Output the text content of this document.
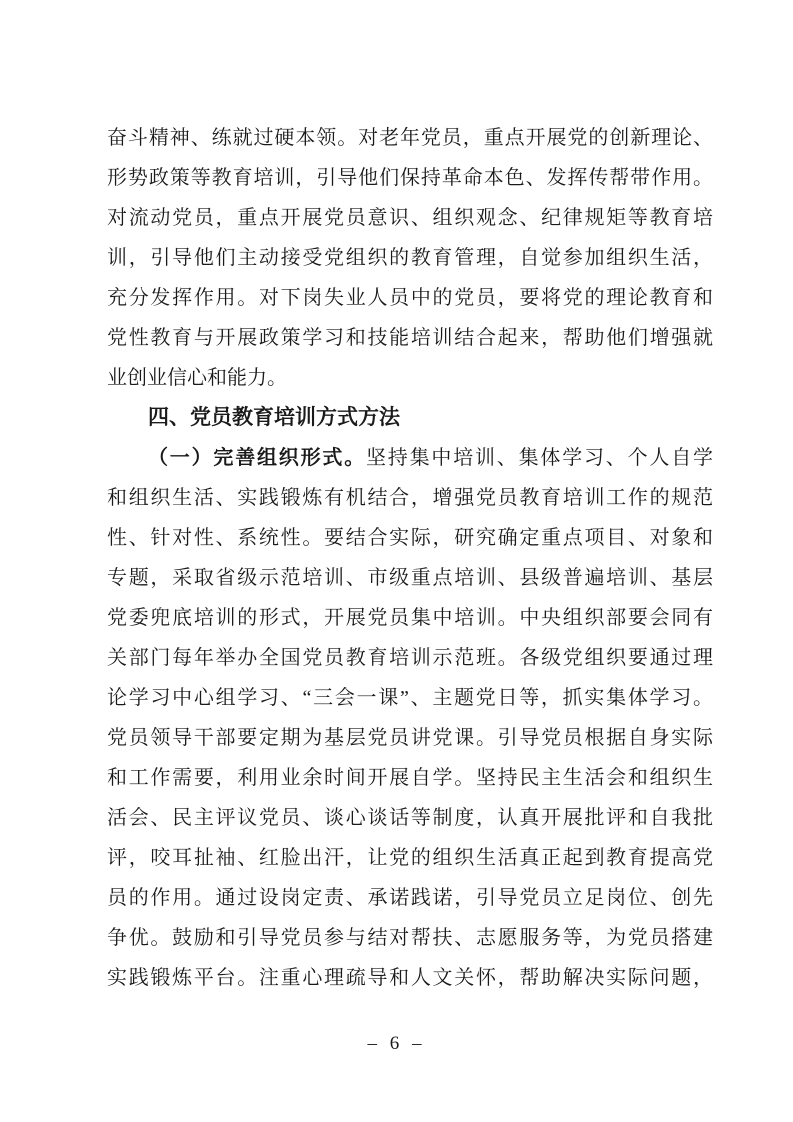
奋斗精神、练就过硬本领。对老年党员，重点开展党的创新理论、
形势政策等教育培训，引导他们保持革命本色、发挥传帮带作用。
对流动党员，重点开展党员意识、组织观念、纪律规矩等教育培
训，引导他们主动接受党组织的教育管理，自觉参加组织生活，
充分发挥作用。对下岗失业人员中的党员，要将党的理论教育和
党性教育与开展政策学习和技能培训结合起来，帮助他们增强就
业创业信心和能力。
四、党员教育培训方式方法
（一）完善组织形式。坚持集中培训、集体学习、个人自学
和组织生活、实践锻炼有机结合，增强党员教育培训工作的规范
性、针对性、系统性。要结合实际，研究确定重点项目、对象和
专题，采取省级示范培训、市级重点培训、县级普遍培训、基层
党委兜底培训的形式，开展党员集中培训。中央组织部要会同有
关部门每年举办全国党员教育培训示范班。各级党组织要通过理
论学习中心组学习、“三会一课”、主题党日等，抓实集体学习。
党员领导干部要定期为基层党员讲党课。引导党员根据自身实际
和工作需要，利用业余时间开展自学。坚持民主生活会和组织生
活会、民主评议党员、谈心谈话等制度，认真开展批评和自我批
评，咬耳扯袖、红脸出汗，让党的组织生活真正起到教育提高党
员的作用。通过设岗定责、承诺践诺，引导党员立足岗位、创先
争优。鼓励和引导党员参与结对帮扶、志愿服务等，为党员搭建
实践锻炼平台。注重心理疏导和人文关怀，帮助解决实际问题，
– 6 –
